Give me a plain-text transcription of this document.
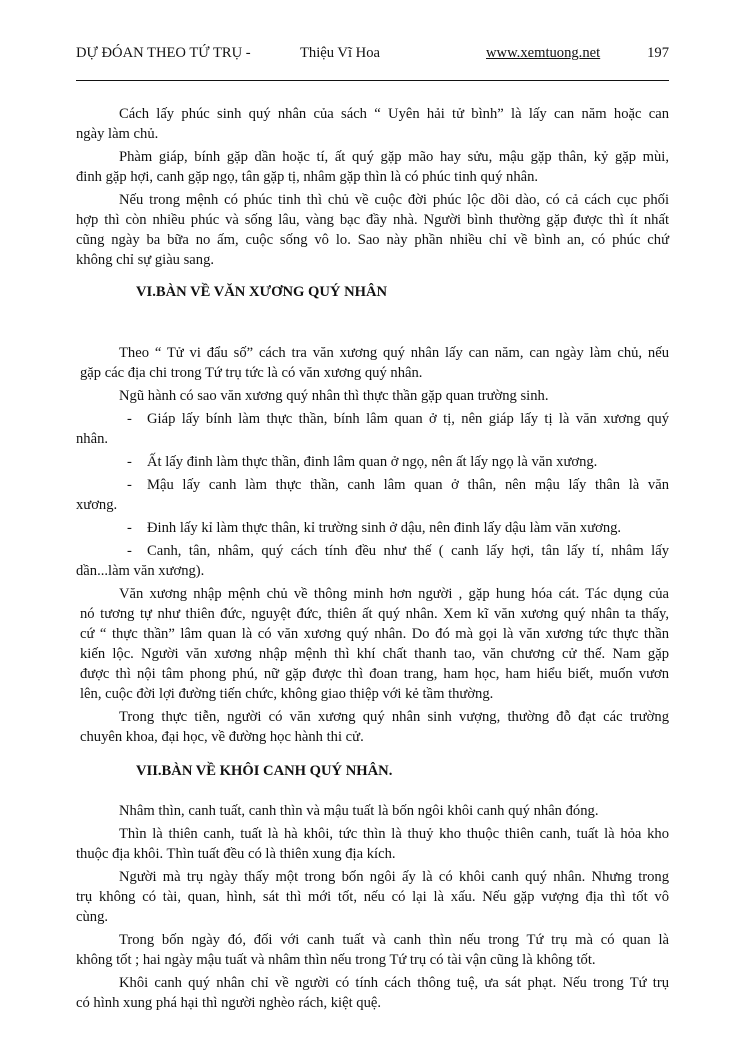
DỰ ĐÓAN THEO TỨ TRỤ -	Thiệu Vĩ Hoa	www.xemtuong.net	197
Cách lấy phúc sinh quý nhân của sách “ Uyên hải tử bình” là lấy can năm hoặc can
ngày làm chủ.
Phàm giáp, bính gặp dần hoặc tí, ất quý gặp mão hay sửu, mậu gặp thân, kỷ gặp mùi,
đinh gặp hợi, canh gặp ngọ, tân gặp tị, nhâm gặp thìn là có phúc tinh quý nhân.
Nếu trong mệnh có phúc tinh thì chủ về cuộc đời phúc lộc dồi dào, có cả cách cục phối
hợp thì còn nhiều phúc và sống lâu, vàng bạc đầy nhà. Người bình thường gặp được thì ít nhất
cũng ngày ba bữa no ấm, cuộc sống vô lo. Sao này phần nhiều chỉ về bình an, có phúc chứ
không chỉ sự giàu sang.
VI.BÀN VỀ VĂN XƯƠNG QUÝ NHÂN
Theo “ Tử vi đẩu số” cách tra văn xương quý nhân lấy can năm, can ngày làm chủ, nếu
gặp các địa chi trong Tứ trụ tức là có văn xương quý nhân.
Ngũ hành có sao văn xương quý nhân thì thực thần gặp quan trường sinh.
- Giáp lấy bính làm thực thần, bính lâm quan ở tị, nên giáp lấy tị là văn xương quý
nhân.
- Ất lấy đinh làm thực thần, đinh lâm quan ở ngọ, nên ất lấy ngọ là văn xương.
- Mậu lấy canh làm thực thần, canh lâm quan ở thân, nên mậu lấy thân là văn
xương.
- Đinh lấy kỉ làm thực thân, kỉ trường sinh ở dậu, nên đinh lấy dậu làm văn xương.
- Canh, tân, nhâm, quý cách tính đều như thế ( canh lấy hợi, tân lấy tí, nhâm lấy
dần...làm văn xương).
Văn xương nhập mệnh chủ về thông minh hơn người , gặp hung hóa cát. Tác dụng của
nó tương tự như thiên đức, nguyệt đức, thiên ất quý nhân. Xem kĩ văn xương quý nhân ta thấy,
cứ “ thực thần” lâm quan là có văn xương quý nhân. Do đó mà gọi là văn xương tức thực thần
kiến lộc. Người văn xương nhập mệnh thì khí chất thanh tao, văn chương cử thế. Nam gặp
được thì nội tâm phong phú, nữ gặp được thì đoan trang, ham học, ham hiểu biết, muốn vươn
lên, cuộc đời lợi đường tiến chức, không giao thiệp với kẻ tầm thường.
Trong thực tiễn, người có văn xương quý nhân sinh vượng, thường đỗ đạt các trường
chuyên khoa, đại học, về đường học hành thi cử.
VII.BÀN VỀ KHÔI CANH QUÝ NHÂN.
Nhâm thìn, canh tuất, canh thìn và mậu tuất là bốn ngôi khôi canh quý nhân đóng.
Thìn là thiên canh, tuất là hà khôi, tức thìn là thuỷ kho thuộc thiên canh, tuất là hỏa kho
thuộc địa khôi. Thìn tuất đều có là thiên xung địa kích.
Người mà trụ ngày thấy một trong bốn ngôi ấy là có khôi canh quý nhân. Nhưng trong
trụ không có tài, quan, hình, sát thì mới tốt, nếu có lại là xấu. Nếu gặp vượng địa thì tốt vô
cùng.
Trong bốn ngày đó, đối với canh tuất và canh thìn nếu trong Tứ trụ mà có quan là
không tốt ; hai ngày mậu tuất và nhâm thìn nếu trong Tứ trụ có tài vận cũng là không tốt.
Khôi canh quý nhân chỉ về người có tính cách thông tuệ, ưa sát phạt. Nếu trong Tứ trụ
có hình xung phá hại thì người nghèo rách, kiệt quệ.
